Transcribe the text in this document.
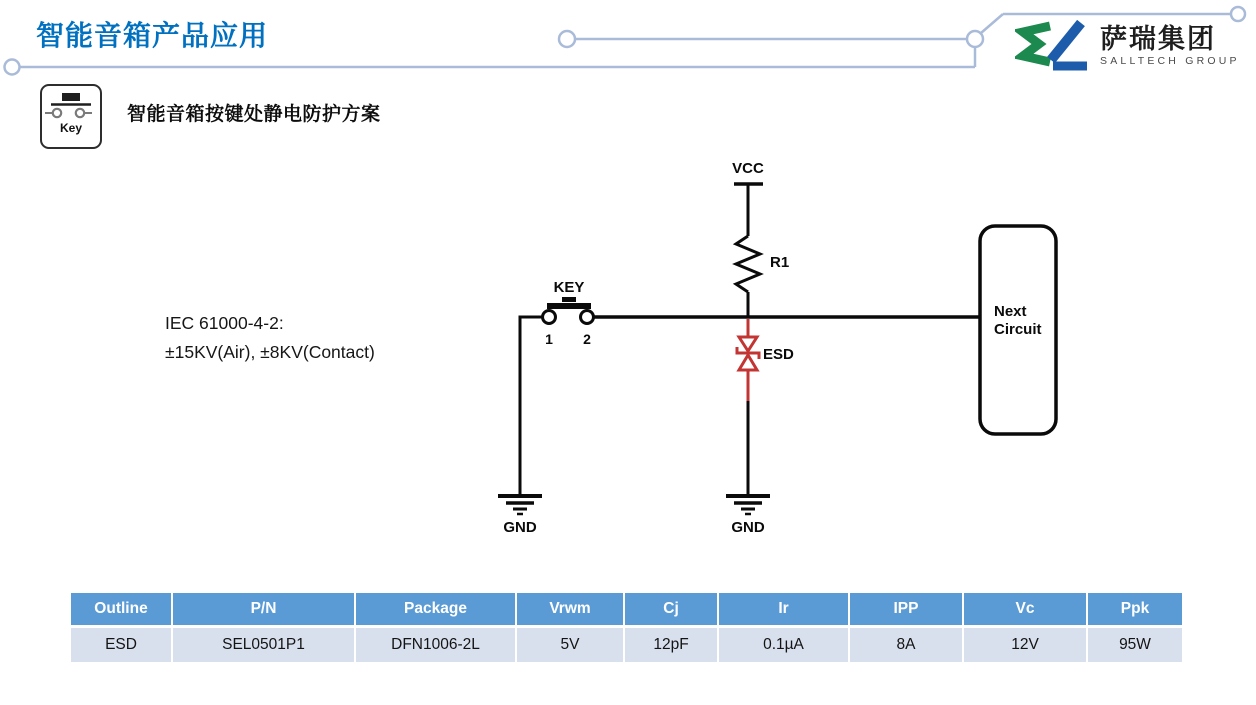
智能音箱产品应用	萨瑞集团
SALLTECH GROUP
Key
智能音箱按键处静电防护方案
IEC 61000-4-2:
±15KV(Air), ±8KV(Contact)
Next
Circuit
VCC
R1
KEY
1 2
GND
ESD
GND
Outline	P/N	Package	Vrwm	Cj	Ir	IPP	Vc	Ppk
ESD	SEL0501P1	DFN1006-2L	5V	12pF	0.1µA	8A	12V	95W
